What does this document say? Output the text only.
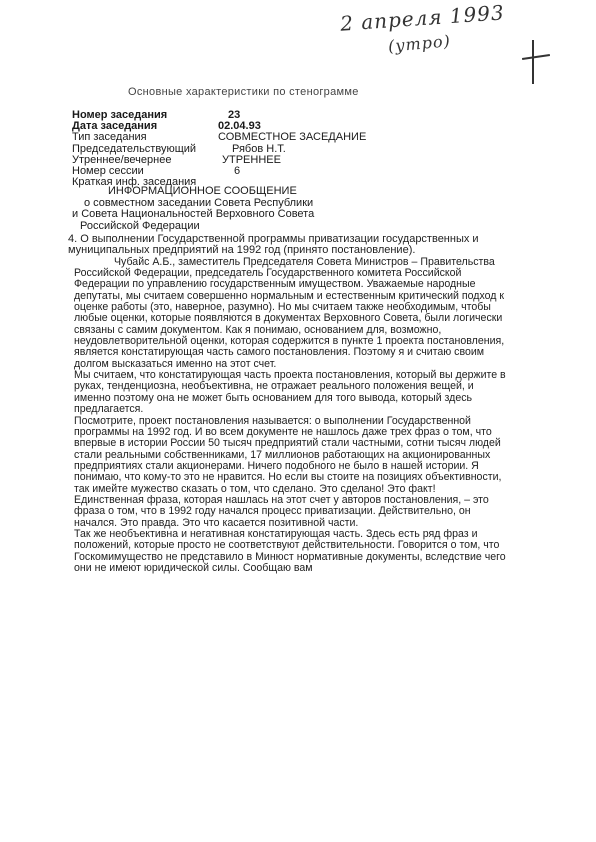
2 апреля 1993
(утро)
Основные характеристики по стенограмме
Номер заседания	23
Дата заседания	02.04.93
Тип заседания	СОВМЕСТНОЕ ЗАСЕДАНИЕ
Председательствующий	Рябов Н.Т.
Утреннее/вечернее	УТРЕННЕЕ
Номер сессии	6
Краткая инф. заседания
ИНФОРМАЦИОННОЕ СООБЩЕНИЕ
о совместном заседании Совета Республики
и Совета Национальностей Верховного Совета
Российской Федерации

4. О выполнении Государственной программы приватизации государственных и муниципальных предприятий на 1992 год (принято постановление).

Чубайс А.Б., заместитель Председателя Совета Министров – Правительства Российской Федерации, председатель Государственного комитета Российской Федерации по управлению государственным имуществом. Уважаемые народные депутаты, мы считаем совершенно нормальным и естественным критический подход к оценке работы (это, наверное, разумно). Но мы считаем также необходимым, чтобы любые оценки, которые появляются в документах Верховного Совета, были логически связаны с самим документом. Как я понимаю, основанием для, возможно, неудовлетворительной оценки, которая содержится в пункте 1 проекта постановления, является констатирующая часть самого постановления. Поэтому я и считаю своим долгом высказаться именно на этот счет.

Мы считаем, что констатирующая часть проекта постановления, который вы держите в руках, тенденциозна, необъективна, не отражает реального положения вещей, и именно поэтому она не может быть основанием для того вывода, который здесь предлагается.

Посмотрите, проект постановления называется: о выполнении Государственной программы на 1992 год. И во всем документе не нашлось даже трех фраз о том, что впервые в истории России 50 тысяч предприятий стали частными, сотни тысяч людей стали реальными собственниками, 17 миллионов работающих на акционированных предприятиях стали акционерами. Ничего подобного не было в нашей истории. Я понимаю, что кому-то это не нравится. Но если вы стоите на позициях объективности, так имейте мужество сказать о том, что сделано. Это сделано! Это факт! Единственная фраза, которая нашлась на этот счет у авторов постановления, – это фраза о том, что в 1992 году начался процесс приватизации. Действительно, он начался. Это правда. Это что касается позитивной части.

Так же необъективна и негативная констатирующая часть. Здесь есть ряд фраз и положений, которые просто не соответствуют действительности. Говорится о том, что Госкомимущество не представило в Минюст нормативные документы, вследствие чего они не имеют юридической силы. Сообщаю вам
